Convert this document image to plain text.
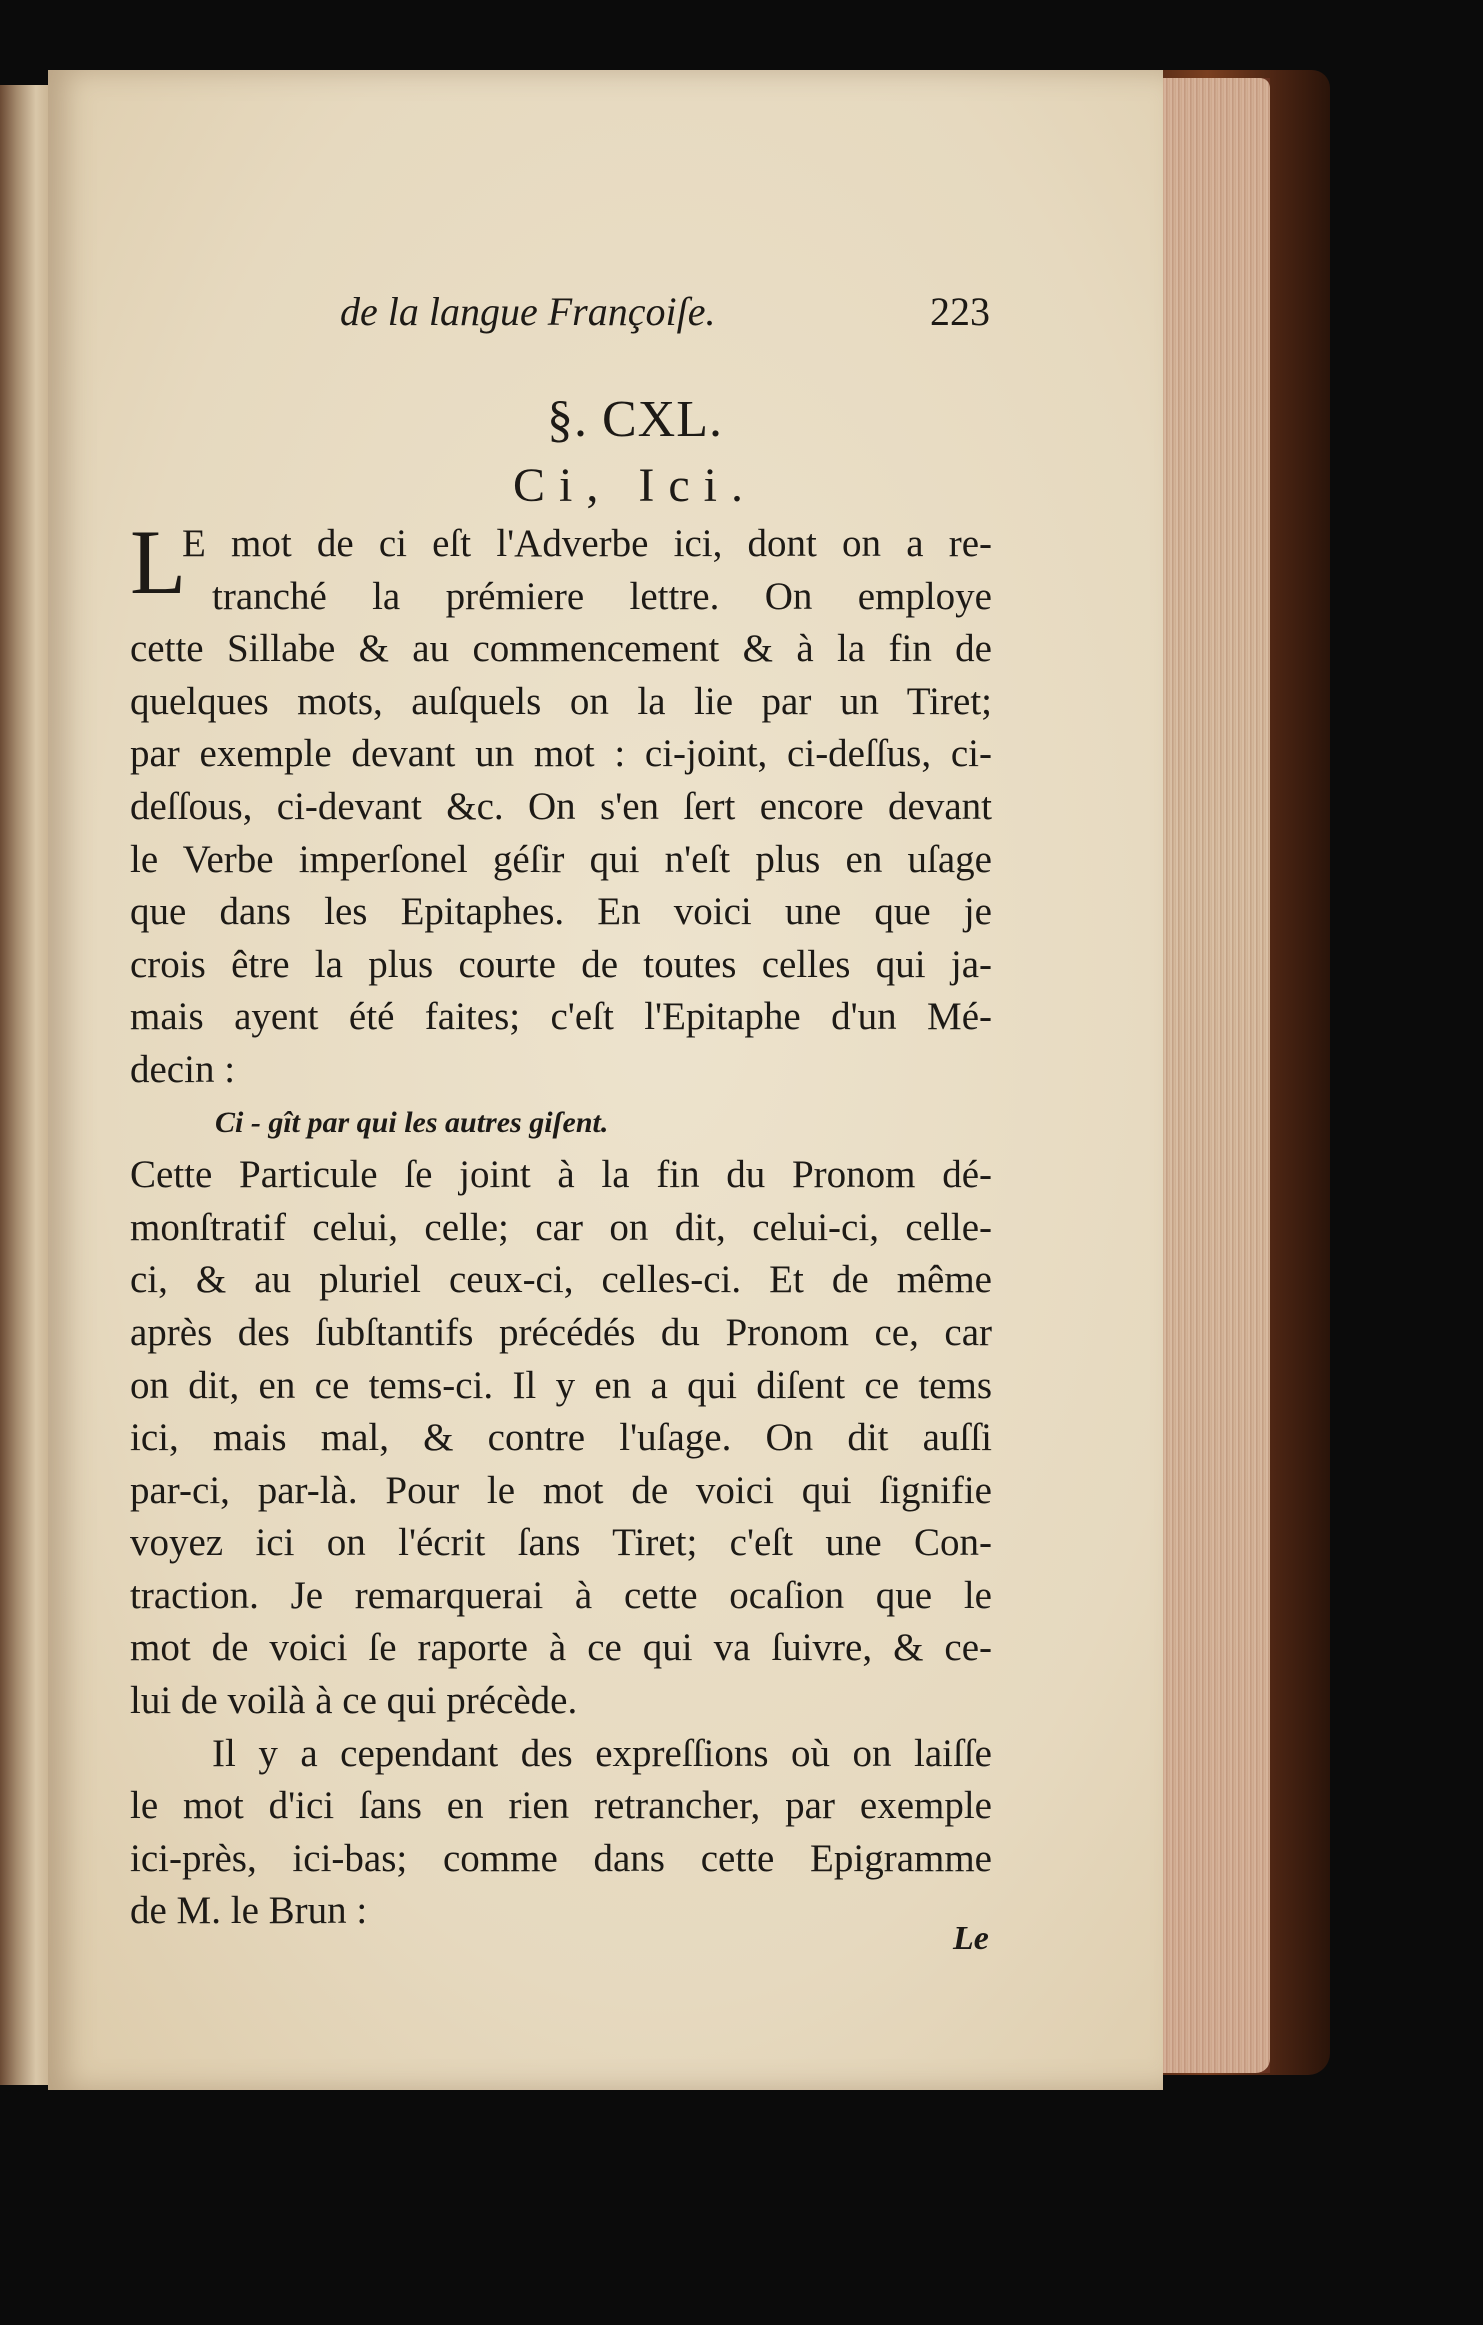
de la langue Françoiſe.	223
§. CXL.
Ci, Ici.
L
E mot de ci eſt l'Adverbe ici, dont on a re-
tranché la prémiere lettre. On employe
cette Sillabe & au commencement & à la fin de
quelques mots, auſquels on la lie par un Tiret;
par exemple devant un mot : ci-joint, ci-deſſus, ci-
deſſous, ci-devant &c. On s'en ſert encore devant
le Verbe imperſonel géſir qui n'eſt plus en uſage
que dans les Epitaphes. En voici une que je
crois être la plus courte de toutes celles qui ja-
mais ayent été faites; c'eſt l'Epitaphe d'un Mé-
decin :
Ci - gît par qui les autres giſent.
Cette Particule ſe joint à la fin du Pronom dé-
monſtratif celui, celle; car on dit, celui-ci, celle-
ci, & au pluriel ceux-ci, celles-ci. Et de même
après des ſubſtantifs précédés du Pronom ce, car
on dit, en ce tems-ci. Il y en a qui diſent ce tems
ici, mais mal, & contre l'uſage. On dit auſſi
par-ci, par-là. Pour le mot de voici qui ſignifie
voyez ici on l'écrit ſans Tiret; c'eſt une Con-
traction. Je remarquerai à cette ocaſion que le
mot de voici ſe raporte à ce qui va ſuivre, & ce-
lui de voilà à ce qui précède.
Il y a cependant des expreſſions où on laiſſe
le mot d'ici ſans en rien retrancher, par exemple
ici-près, ici-bas; comme dans cette Epigramme
de M. le Brun :
Le
